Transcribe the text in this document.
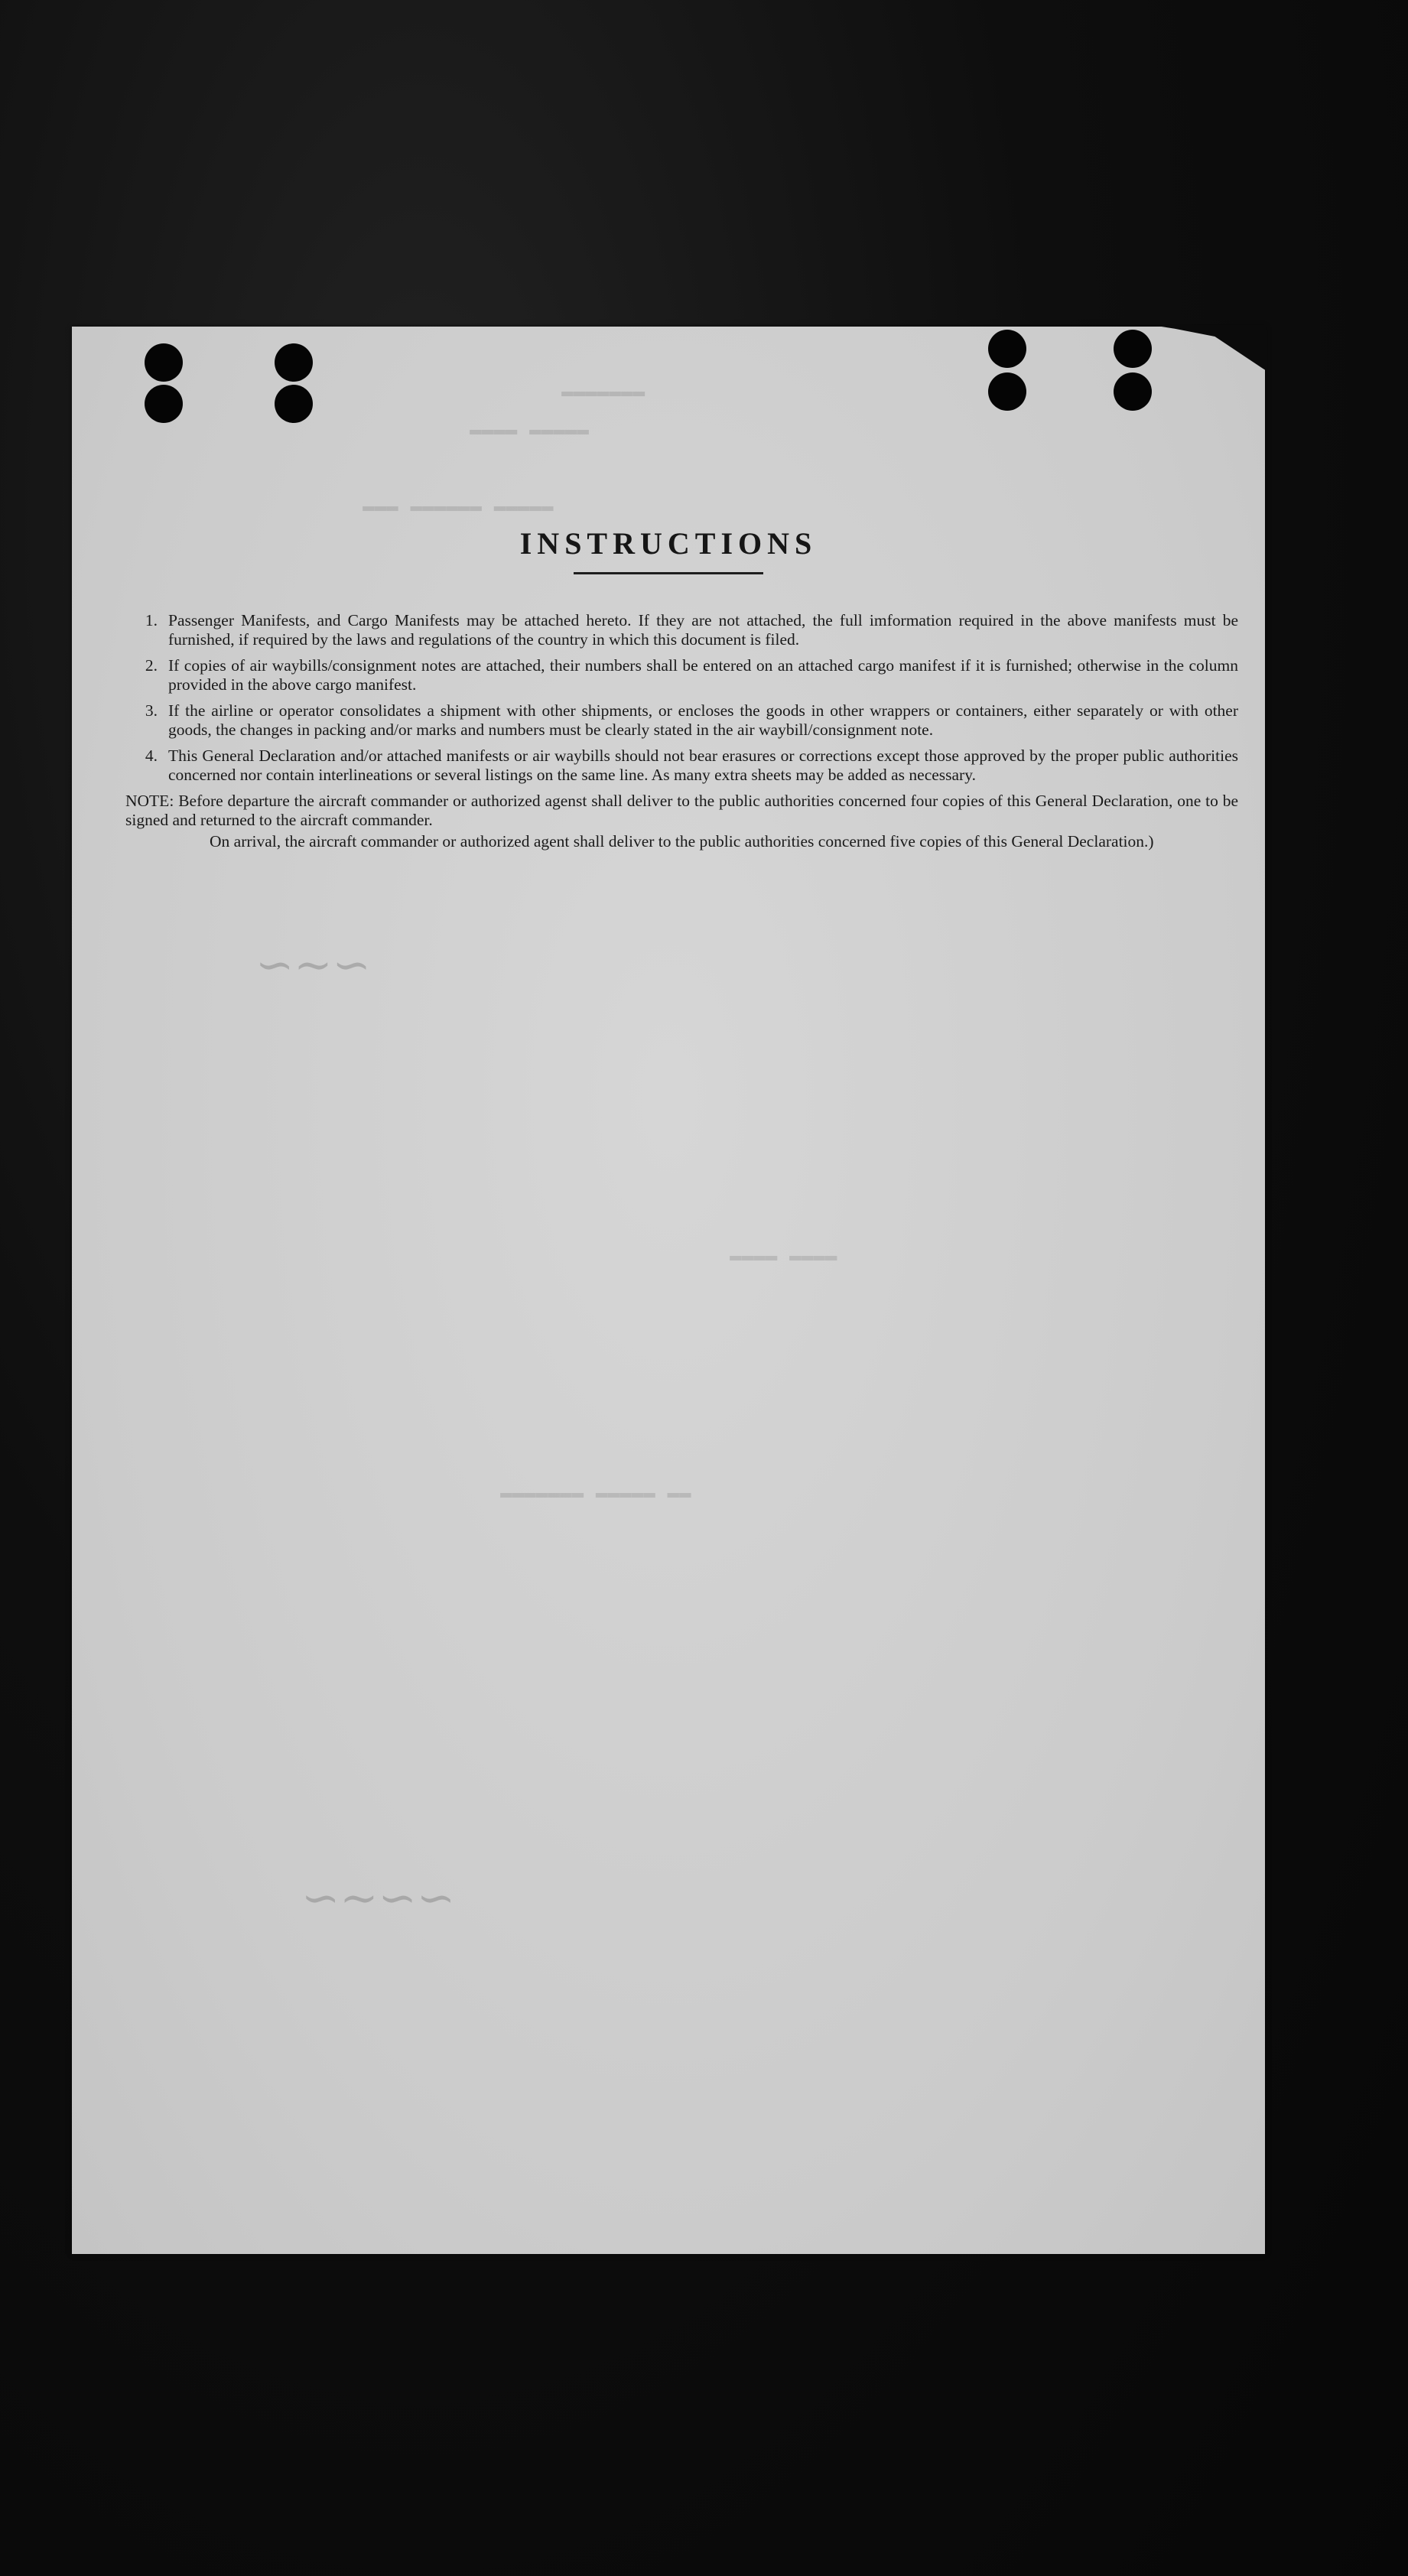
▬▬▬▬▬▬▬
▬▬▬▬▬ ▬▬▬▬
▬▬▬▬▬ ▬▬▬▬▬▬ ▬▬▬
▬▬▬▬ ▬▬▬▬
▬▬ ▬▬▬▬▬ ▬▬▬▬▬▬▬
∽∼∽
∽∼∽∽
INSTRUCTIONS
1. Passenger Manifests, and Cargo Manifests may be attached hereto. If they are not attached, the full imformation required in the above manifests must be furnished, if required by the laws and regulations of the country in which this document is filed.
2. If copies of air waybills/consignment notes are attached, their numbers shall be entered on an attached cargo manifest if it is furnished; otherwise in the column provided in the above cargo manifest.
3. If the airline or operator consolidates a shipment with other shipments, or encloses the goods in other wrappers or containers, either separately or with other goods, the changes in packing and/or marks and numbers must be clearly stated in the air waybill/consignment note.
4. This General Declaration and/or attached manifests or air waybills should not bear erasures or corrections except those approved by the proper public authorities concerned nor contain interlineations or several listings on the same line. As many extra sheets may be added as necessary.

NOTE: Before departure the aircraft commander or authorized agenst shall deliver to the public authorities concerned four copies of this General Declaration, one to be signed and returned to the aircraft commander.

On arrival, the aircraft commander or authorized agent shall deliver to the public authorities concerned five copies of this General Declaration.)
